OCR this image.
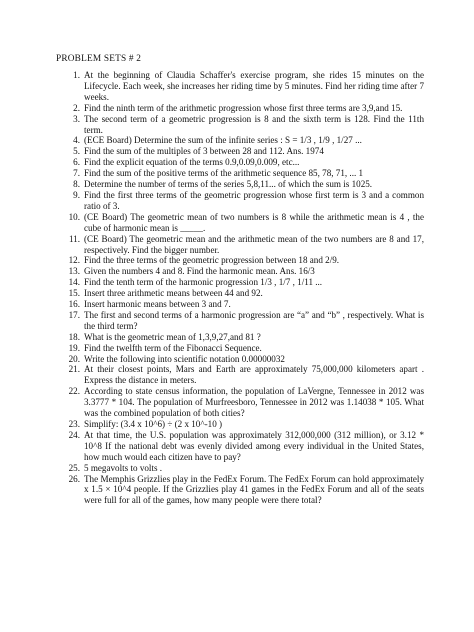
PROBLEM SETS # 2
1. At the beginning of Claudia Schaffer's exercise program, she rides 15 minutes on the Lifecycle. Each week, she increases her riding time by 5 minutes. Find her riding time after 7 weeks.
2. Find the ninth term of the arithmetic progression whose first three terms are 3,9,and 15.
3. The second term of a geometric progression is 8 and the sixth term is 128. Find the 11th term.
4. (ECE Board) Determine the sum of the infinite series : S = 1/3 , 1/9 , 1/27 ...
5. Find the sum of the multiples of 3 between 28 and 112. Ans. 1974
6. Find the explicit equation of the terms 0.9,0.09,0.009, etc...
7. Find the sum of the positive terms of the arithmetic sequence 85, 78, 71, ... 1
8. Determine the number of terms of the series 5,8,11... of which the sum is 1025.
9. Find the first three terms of the geometric progression whose first term is 3 and a common ratio of 3.
10. (CE Board) The geometric mean of two numbers is 8 while the arithmetic mean is 4 , the cube of harmonic mean is _____.
11. (CE Board) The geometric mean and the arithmetic mean of the two numbers are 8 and 17, respectively. Find the bigger number.
12. Find the three terms of the geometric progression between 18 and 2/9.
13. Given the numbers 4 and 8. Find the harmonic mean. Ans. 16/3
14. Find the tenth term of the harmonic progression 1/3 , 1/7 , 1/11 ...
15. Insert three arithmetic means between 44 and 92.
16. Insert harmonic means between 3 and 7.
17. The first and second terms of a harmonic progression are “a” and “b” , respectively. What is the third term?
18. What is the geometric mean of 1,3,9,27,and 81 ?
19. Find the twelfth term of the Fibonacci Sequence.
20. Write the following into scientific notation 0.00000032
21. At their closest points, Mars and Earth are approximately 75,000,000 kilometers apart . Express the distance in meters.
22. According to state census information, the population of LaVergne, Tennessee in 2012 was 3.3777 * 104. The population of Murfreesboro, Tennessee in 2012 was 1.14038 * 105. What was the combined population of both cities?
23. Simplify: (3.4 x 10^6) ÷ (2 x 10^-10 )
24. At that time, the U.S. population was approximately 312,000,000 (312 million), or 3.12 * 10^8 If the national debt was evenly divided among every individual in the United States, how much would each citizen have to pay?
25. 5 megavolts to volts .
26. The Memphis Grizzlies play in the FedEx Forum. The FedEx Forum can hold approximately x 1.5 × 10^4 people. If the Grizzlies play 41 games in the FedEx Forum and all of the seats were full for all of the games, how many people were there total?
